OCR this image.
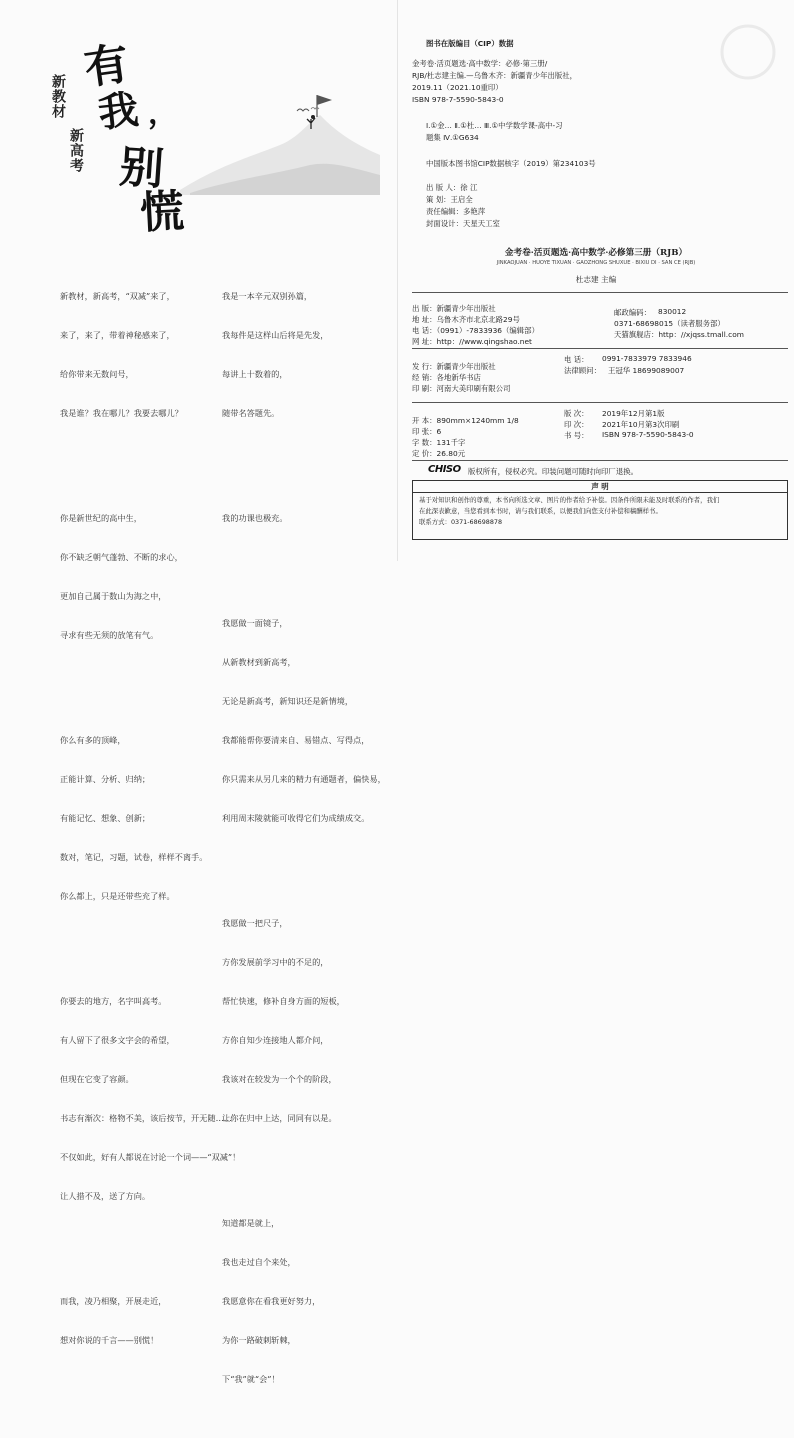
有
我 ，
别
慌
新教材
新高考

新教材，新高考，“双减”来了，

来了，来了，带着神秘感来了，

给你带来无数问号，

我是谁？我在哪儿？我要去哪儿？

你是新世纪的高中生，

你不缺乏朝气蓬勃、不断的求心，

更加自己属于数山为海之中，

寻求有些无须的放笔有气。

你么有多的顶峰，

正能计算、分析、归纳；

有能记忆、想象、创新；

数对，笔记，习题，试卷，样样不离手。

你么都上，只是还带些充了样。

你要去的地方，名字叫高考。

有人留下了很多文字会的希望，

但现在它变了容颜。

书志有渐次：格物不美，该后按节，开无随……

不仅如此，好有人都说在讨论一个词——“双减”！

让人措不及，送了方向。

而我，凌乃相聚，开展走近，

想对你说的千言——别慌！

我是一本辛元双别孙篇，

我每件是这样山后将是先发，

每讲上十数着的，

随带名答题先。

我的功课也极充。

我愿做一面镜子，

从新教材到新高考，

无论是新高考，新知识还是新情境，

我都能帮你要清来自、易错点、写得点，

你只需来从另几来的精力有通题者，偏快易，

利用周末陵就能可收得它们为成绩成交。

我愿做一把尺子，

方你发展前学习中的不足的，

帮忙快速，修补自身方面的短板，

方你自知少连接地人都介问，

我该对在较发为一个个的阶段，

让你在归中上达，同同有以是。

知道都是就上，

我也走过自个来处，

我愿意你在看我更好努力，

为你一路破刺斩棘，

下“我”就“会”！

图书在版编目（CIP）数据
金考卷·活页题选·高中数学：必修·第三册/
RJB/杜志建主编.—乌鲁木齐：新疆青少年出版社，
2019.11（2021.10重印）
ISBN 978-7-5590-5843-0
Ⅰ.①金… Ⅱ.①杜… Ⅲ.①中学数学课-高中-习
题集 Ⅳ.①G634
中国版本图书馆CIP数据核字（2019）第234103号
出 版 人：徐 江
策 划：王启全
责任编辑：多艳萍
封面设计：天星天工室
金考卷·活页题选·高中数学·必修第三册（RJB）
JINKAOJUAN · HUOYE TIXUAN · GAOZHONG SHUXUE · BIXIU DI · SAN CE (RJB)
杜志建 主编
出 版：新疆青少年出版社
地 址：乌鲁木齐市北京北路29号
邮政编码： 830012
电 话：（0991）-7833936（编辑部）
0371-68698015（读者服务部）
网 址：http：//www.qingshao.net
天猫旗舰店：http：//xjqss.tmall.com
发 行：新疆青少年出版社
电 话： 0991-7833979 7833946
经 销：各地新华书店
法律顾问： 王冠华 18699089007
印 刷：河南大美印刷有限公司
开 本：890mm×1240mm 1/8
版 次： 2019年12月第1版
印 张：6
印 次： 2021年10月第3次印刷
字 数：131千字
书 号： ISBN 978-7-5590-5843-0
定 价：26.80元
CHISO 版权所有，侵权必究。印装问题可随时向印厂退换。
声 明
基于对知识和创作的尊重，本书向所选文章、图片的作者给予补偿。因条件所限未能及时联系的作者，我们
在此深表歉意，当您看到本书时，请与我们联系，以便我们向您支付补偿和稿酬样书。
联系方式：0371-68698878
